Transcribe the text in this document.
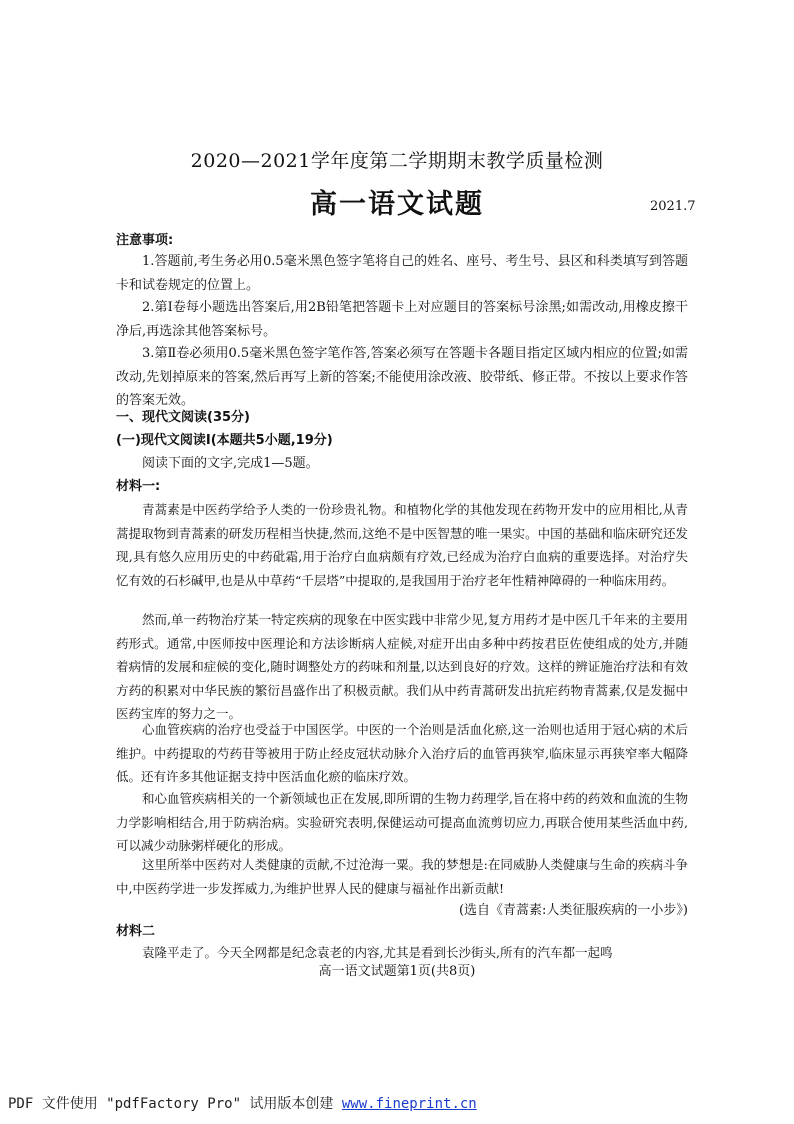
2020—2021学年度第二学期期末教学质量检测
高一语文试题	2021.7
注意事项:
1.答题前,考生务必用0.5毫米黑色签字笔将自己的姓名、座号、考生号、县区和科类填写到答题卡和试卷规定的位置上。
2.第Ⅰ卷每小题选出答案后,用2B铅笔把答题卡上对应题目的答案标号涂黑;如需改动,用橡皮擦干净后,再选涂其他答案标号。
3.第Ⅱ卷必须用0.5毫米黑色签字笔作答,答案必须写在答题卡各题目指定区域内相应的位置;如需改动,先划掉原来的答案,然后再写上新的答案;不能使用涂改液、胶带纸、修正带。不按以上要求作答的答案无效。
一、现代文阅读(35分)
(一)现代文阅读Ⅰ(本题共5小题,19分)
阅读下面的文字,完成1—5题。
材料一:
青蒿素是中医药学给予人类的一份珍贵礼物。和植物化学的其他发现在药物开发中的应用相比,从青蒿提取物到青蒿素的研发历程相当快捷,然而,这绝不是中医智慧的唯一果实。中国的基础和临床研究还发现,具有悠久应用历史的中药砒霜,用于治疗白血病颇有疗效,已经成为治疗白血病的重要选择。对治疗失忆有效的石杉碱甲,也是从中草药“千层塔”中提取的,是我国用于治疗老年性精神障碍的一种临床用药。
然而,单一药物治疗某一特定疾病的现象在中医实践中非常少见,复方用药才是中医几千年来的主要用药形式。通常,中医师按中医理论和方法诊断病人症候,对症开出由多种中药按君臣佐使组成的处方,并随着病情的发展和症候的变化,随时调整处方的药味和剂量,以达到良好的疗效。这样的辨证施治疗法和有效方药的积累对中华民族的繁衍昌盛作出了积极贡献。我们从中药青蒿研发出抗疟药物青蒿素,仅是发掘中医药宝库的努力之一。
心血管疾病的治疗也受益于中国医学。中医的一个治则是活血化瘀,这一治则也适用于冠心病的术后维护。中药提取的芍药苷等被用于防止经皮冠状动脉介入治疗后的血管再狭窄,临床显示再狭窄率大幅降低。还有许多其他证据支持中医活血化瘀的临床疗效。
和心血管疾病相关的一个新领域也正在发展,即所谓的生物力药理学,旨在将中药的药效和血流的生物力学影响相结合,用于防病治病。实验研究表明,保健运动可提高血流剪切应力,再联合使用某些活血中药,可以减少动脉粥样硬化的形成。
这里所举中医药对人类健康的贡献,不过沧海一粟。我的梦想是:在同威胁人类健康与生命的疾病斗争中,中医药学进一步发挥威力,为维护世界人民的健康与福祉作出新贡献!
(选自《青蒿素:人类征服疾病的一小步》)
材料二
袁隆平走了。今天全网都是纪念袁老的内容,尤其是看到长沙街头,所有的汽车都一起鸣
高一语文试题第1页(共8页)
PDF 文件使用 "pdfFactory Pro" 试用版本创建 www.fineprint.cn
